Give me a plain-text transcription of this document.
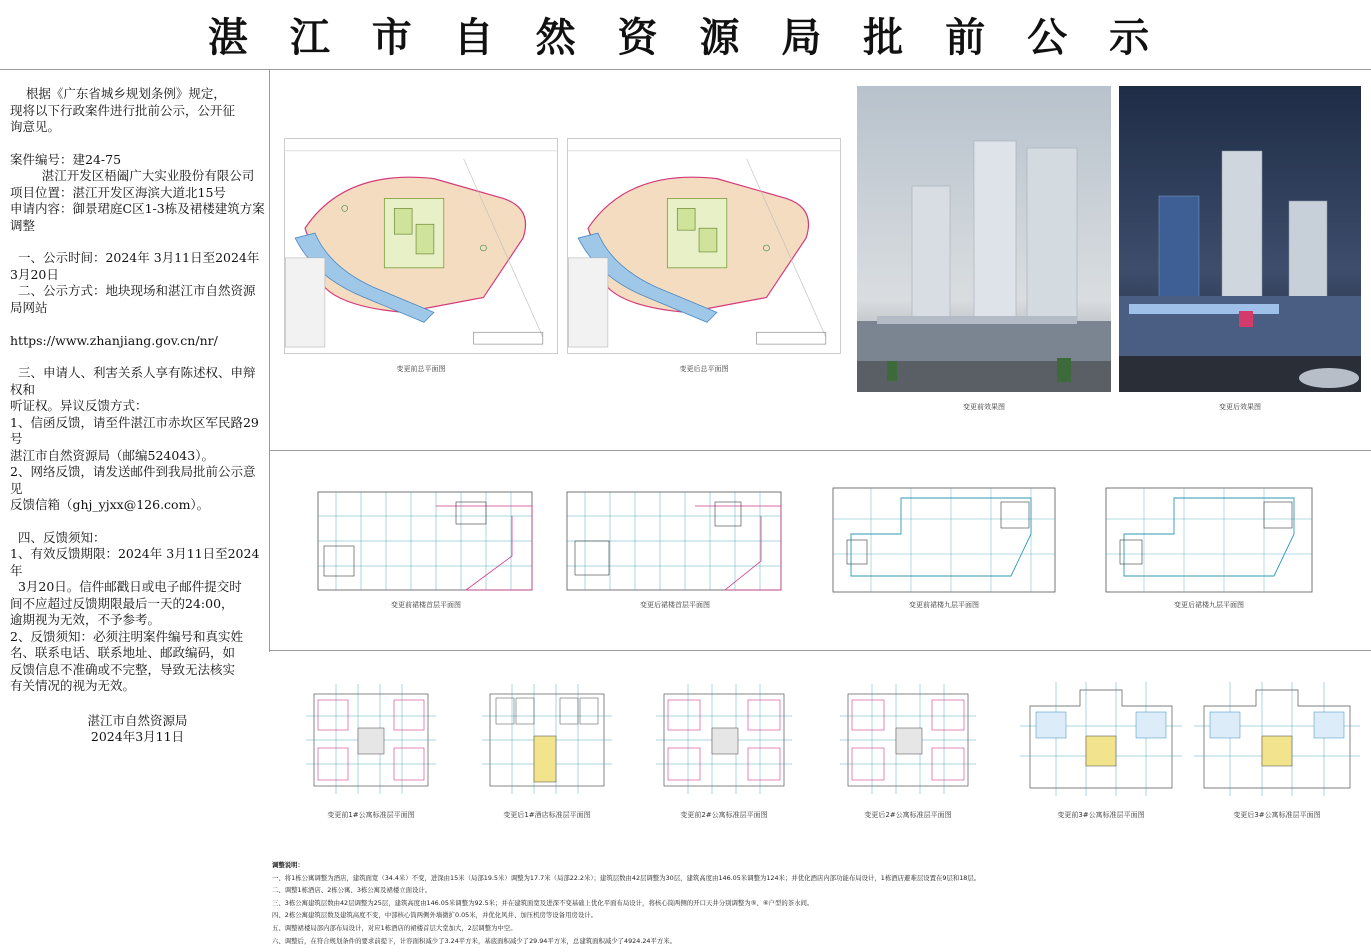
湛 江 市 自 然 资 源 局 批 前 公 示

根据《广东省城乡规划条例》规定，
现将以下行政案件进行批前公示，公开征
询意见。

案件编号：建24-75

湛江开发区梧阖广大实业股份有限公司

项目位置：湛江开发区海滨大道北15号

申请内容：御景珺庭C区1-3栋及裙楼建筑方案调整

一、公示时间：2024年 3月11日至2024年 3月20日

二、公示方式：地块现场和湛江市自然资源局网站
https://www.zhanjiang.gov.cn/nr/

三、申请人、利害关系人享有陈述权、申辩权和
听证权。异议反馈方式：
1、信函反馈，请至件湛江市赤坎区军民路29号
湛江市自然资源局（邮编524043）。
2、网络反馈，请发送邮件到我局批前公示意见
反馈信箱（ghj_yjxx@126.com）。

四、反馈须知：
1、有效反馈期限：2024年 3月11日至2024年
3月20日。信件邮戳日或电子邮件提交时
间不应超过反馈期限最后一天的24:00，
逾期视为无效，不予参考。
2、反馈须知：必须注明案件编号和真实姓
名、联系电话、联系地址、邮政编码，如
反馈信息不准确或不完整，导致无法核实
有关情况的视为无效。

湛江市自然资源局

2024年3月11日

变更前总平面图	变更后总平面图
变更前效果图	变更后效果图
变更前裙楼首层平面图	变更后裙楼首层平面图	变更前裙楼九层平面图	变更后裙楼九层平面图
变更前1#公寓标准层平面图	变更后1#酒店标准层平面图	变更前2#公寓标准层平面图	变更后2#公寓标准层平面图	变更前3#公寓标准层平面图	变更后3#公寓标准层平面图
调整说明：
一、将1栋公寓调整为酒店，建筑面宽（34.4米）不变，进深由15米（局部19.5米）调整为17.7米（局部22.2米）；建筑层数由42层调整为30层，建筑高度由146.05米调整为124米；并优化酒店内部功能布局设计，1栋酒店避难层设置在9层和18层。
二、调整1栋酒店、2栋公寓、3栋公寓及裙楼立面设计。
三、3栋公寓建筑层数由42层调整为25层，建筑高度由146.05米调整为92.5米；并在建筑面宽及进深不变基础上优化平面布局设计，将核心筒两侧的开口天井分别调整为⑤、⑥户型的茶水间。
四、2栋公寓建筑层数及建筑高度不变，中部核心筒两侧外墙微扩0.05米，并优化风井、加压机房等设备用房设计。
五、调整裙楼局部内部布局设计，对应1栋酒店的裙楼首层大堂加大，2层调整为中空。
六、调整后，在符合规划条件的要求前提下，计容面积减少了3.24平方米，基底面积减少了29.94平方米，总建筑面积减少了4924.24平方米。
